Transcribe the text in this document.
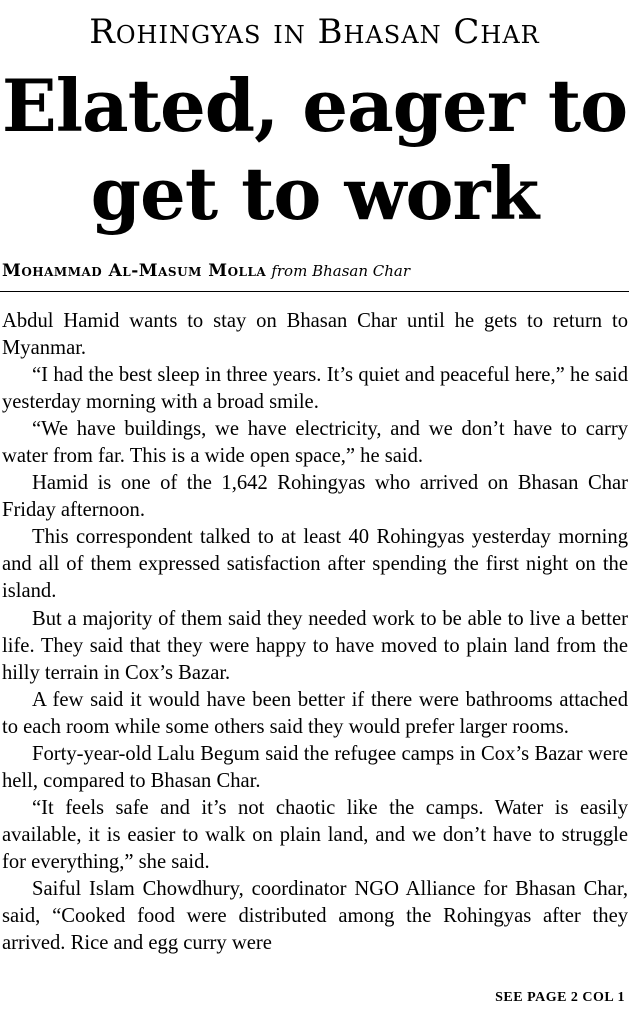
Rohingyas in Bhasan Char
Elated, eager to get to work
Mohammad Al-Masum Molla from Bhasan Char

Abdul Hamid wants to stay on Bhasan Char until he gets to return to Myanmar.

“I had the best sleep in three years. It’s quiet and peaceful here,” he said yesterday morning with a broad smile.

“We have buildings, we have electricity, and we don’t have to carry water from far. This is a wide open space,” he said.

Hamid is one of the 1,642 Rohingyas who arrived on Bhasan Char Friday afternoon.

This correspondent talked to at least 40 Rohingyas yesterday morning and all of them expressed satisfaction after spending the first night on the island.

But a majority of them said they needed work to be able to live a better life. They said that they were happy to have moved to plain land from the hilly terrain in Cox’s Bazar.

A few said it would have been better if there were bathrooms attached to each room while some others said they would prefer larger rooms.

Forty-year-old Lalu Begum said the refugee camps in Cox’s Bazar were hell, compared to Bhasan Char.

“It feels safe and it’s not chaotic like the camps. Water is easily available, it is easier to walk on plain land, and we don’t have to struggle for everything,” she said.

Saiful Islam Chowdhury, coordinator NGO Alliance for Bhasan Char, said, “Cooked food were distributed among the Rohingyas after they arrived. Rice and egg curry were

SEE PAGE 2 COL 1
